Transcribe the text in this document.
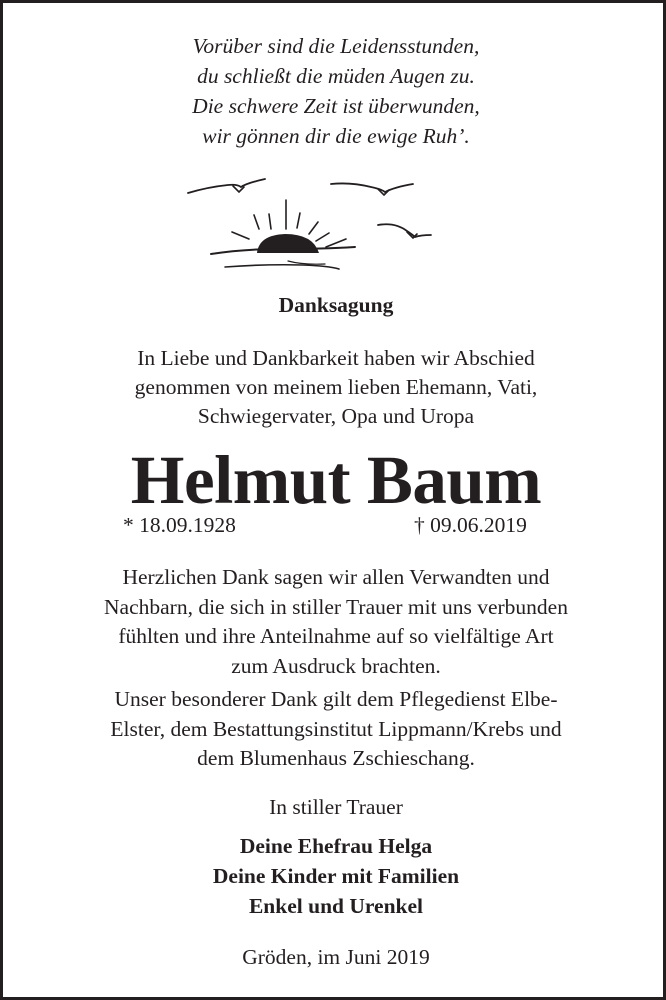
Vorüber sind die Leidensstunden,
du schließt die müden Augen zu.
Die schwere Zeit ist überwunden,
wir gönnen dir die ewige Ruh’.
Danksagung
In Liebe und Dankbarkeit haben wir Abschied
genommen von meinem lieben Ehemann, Vati,
Schwiegervater, Opa und Uropa
Helmut Baum
* 18.09.1928	† 09.06.2019
Herzlichen Dank sagen wir allen Verwandten und
Nachbarn, die sich in stiller Trauer mit uns verbunden
fühlten und ihre Anteilnahme auf so vielfältige Art
zum Ausdruck brachten.
Unser besonderer Dank gilt dem Pflegedienst Elbe-
Elster, dem Bestattungsinstitut Lippmann/Krebs und
dem Blumenhaus Zschieschang.
In stiller Trauer
Deine Ehefrau Helga
Deine Kinder mit Familien
Enkel und Urenkel
Gröden, im Juni 2019
